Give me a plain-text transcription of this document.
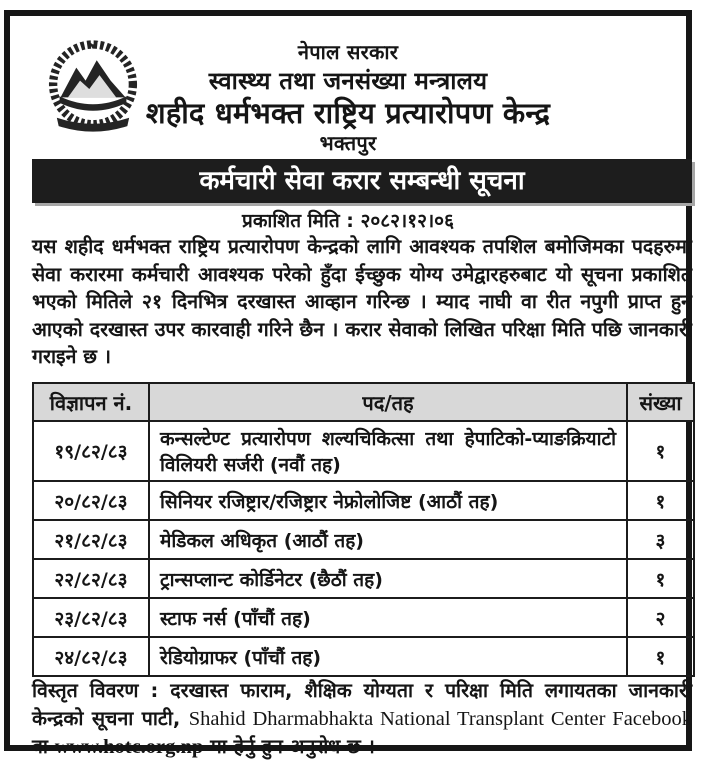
नेपाल सरकार
स्वास्थ्य तथा जनसंख्या मन्त्रालय
शहीद धर्मभक्त राष्ट्रिय प्रत्यारोपण केन्द्र
भक्तपुर
कर्मचारी सेवा करार सम्बन्धी सूचना
प्रकाशित मिति : २०८२।१२।०६
यस शहीद धर्मभक्त राष्ट्रिय प्रत्यारोपण केन्द्रको लागि आवश्यक तपशिल बमोजिमका पदहरुमा सेवा करारमा कर्मचारी आवश्यक परेको हुँदा ईच्छुक योग्य उमेद्वारहरुबाट यो सूचना प्रकाशित भएको मितिले २१ दिनभित्र दरखास्त आव्हान गरिन्छ । म्याद नाघी वा रीत नपुगी प्राप्त हुन आएको दरखास्त उपर कारवाही गरिने छैन । करार सेवाको लिखित परिक्षा मिति पछि जानकारी गराइने छ ।
विज्ञापन नं.	पद/तह	संख्या
१९/८२/८३	कन्सल्टेण्ट प्रत्यारोपण शल्यचिकित्सा तथा हेपाटिको-प्याङक्रियाटो विलियरी सर्जरी (नवौं तह)	१
२०/८२/८३	सिनियर रजिष्ट्रार/रजिष्ट्रार नेफ्रोलोजिष्ट (आठौं तह)	१
२१/८२/८३	मेडिकल अधिकृत (आठौं तह)	३
२२/८२/८३	ट्रान्सप्लान्ट कोर्डिनेटर (छैठौं तह)	१
२३/८२/८३	स्टाफ नर्स (पाँचौं तह)	२
२४/८२/८३	रेडियोग्राफर (पाँचौं तह)	१
विस्तृत विवरण : दरखास्त फाराम, शैक्षिक योग्यता र परिक्षा मिति लगायतका जानकारी केन्द्रको सूचना पाटी, Shahid Dharmabhakta National Transplant Center Facebook वा www.hotc.org.np मा हेर्नु हुन अनुरोध छ ।
